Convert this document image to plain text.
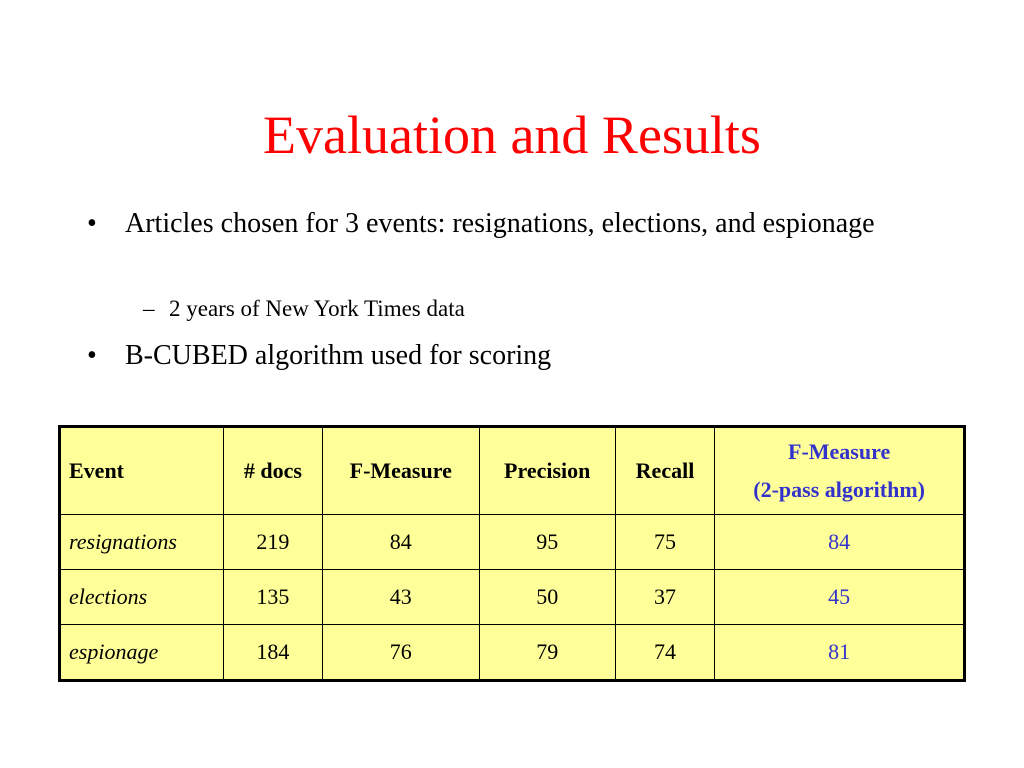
Evaluation and Results
• Articles chosen for 3 events: resignations, elections, and espionage
– 2 years of New York Times data
• B-CUBED algorithm used for scoring
Event	# docs	F-Measure	Precision	Recall	F-Measure
(2-pass algorithm)

resignations	219	84	95	75	84
elections	135	43	50	37	45
espionage	184	76	79	74	81
